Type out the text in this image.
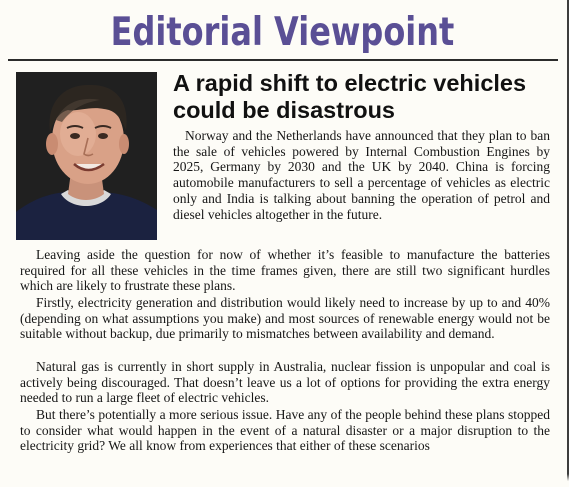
Editorial Viewpoint
A rapid shift to electric vehicles could be disastrous

Norway and the Netherlands have announced that they plan to ban the sale of vehicles powered by Internal Combustion Engines by 2025, Germany by 2030 and the UK by 2040. China is forcing automobile manufacturers to sell a percentage of vehicles as electric only and India is talking about banning the operation of petrol and diesel vehicles altogether in the future.

Leaving aside the question for now of whether it’s feasible to manufacture the batteries required for all these vehicles in the time frames given, there are still two significant hurdles which are likely to frustrate these plans.

Firstly, electricity generation and distribution would likely need to increase by up to and 40% (depending on what assumptions you make) and most sources of renewable energy would not be suitable without backup, due primarily to mismatches between availability and demand.

Natural gas is currently in short supply in Australia, nuclear fission is unpopular and coal is actively being discouraged. That doesn’t leave us a lot of options for providing the extra energy needed to run a large fleet of electric vehicles.

But there’s potentially a more serious issue. Have any of the people behind these plans stopped to consider what would happen in the event of a natural disaster or a major disruption to the electricity grid? We all know from experiences that either of these scenarios
